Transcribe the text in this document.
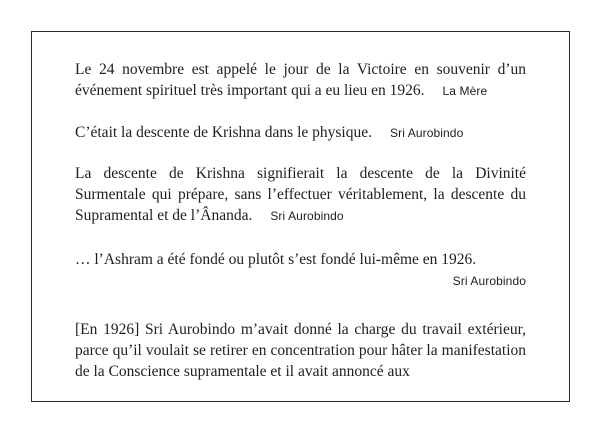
Le 24 novembre est appelé le jour de la Victoire en souvenir d’un événement spirituel très important qui a eu lieu en 1926. La Mère

C’était la descente de Krishna dans le physique. Sri Aurobindo

La descente de Krishna signifierait la descente de la Divinité Surmentale qui prépare, sans l’effectuer véritablement, la descente du Supramental et de l’Ânanda. Sri Aurobindo

… l’Ashram a été fondé ou plutôt s’est fondé lui-même en 1926.
Sri Aurobindo

[En 1926] Sri Aurobindo m’avait donné la charge du travail extérieur, parce qu’il voulait se retirer en concentration pour hâter la manifestation de la Conscience supramentale et il avait annoncé aux
